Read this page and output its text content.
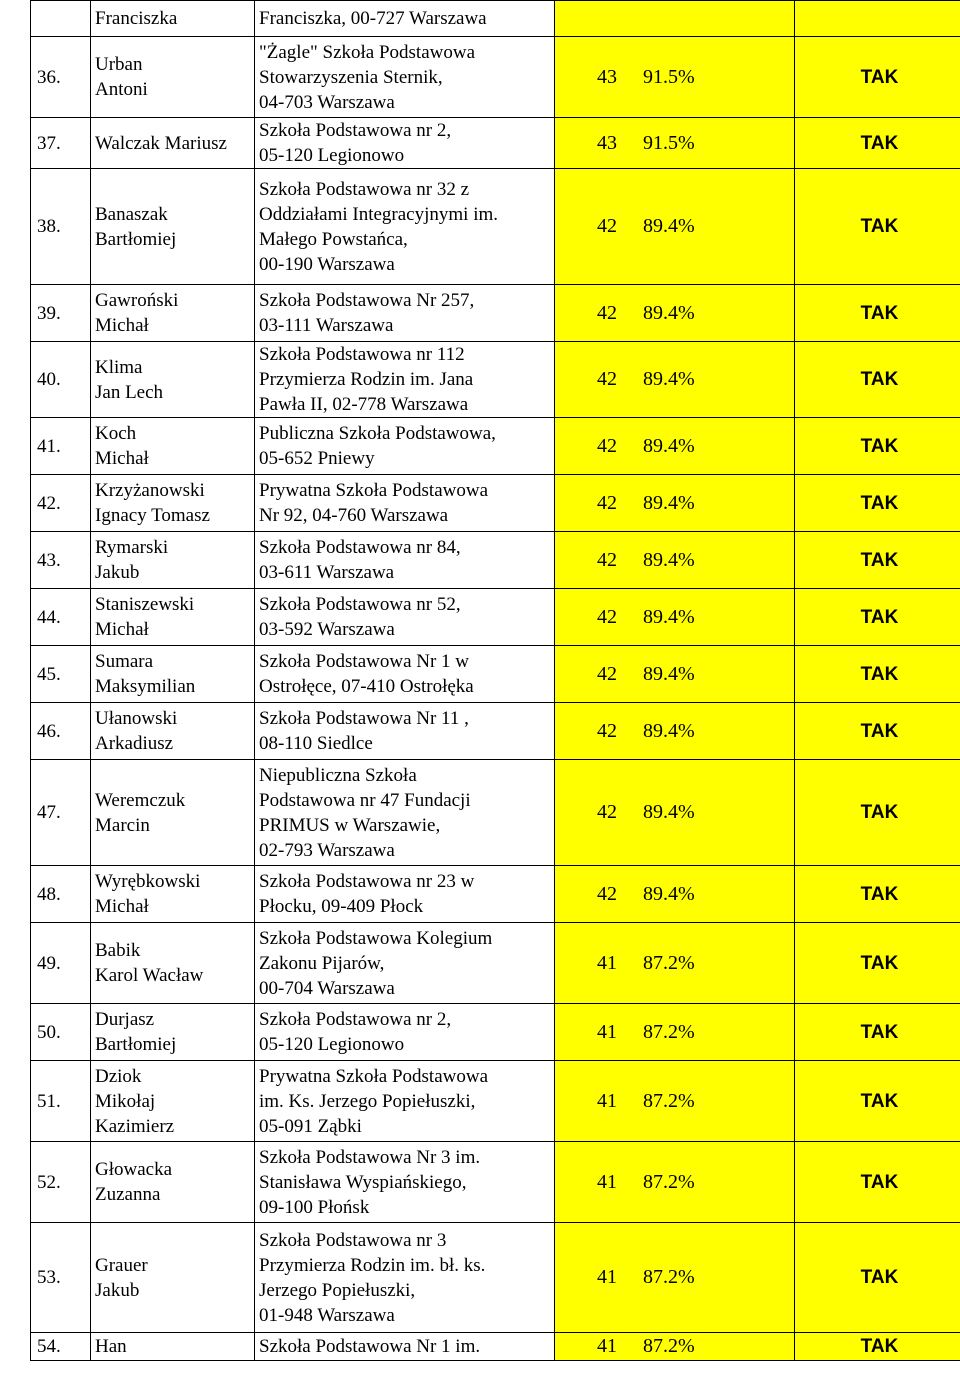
	Franciszka	Franciszka, 00-727 Warszawa		
36.	Urban
Antoni	"Żagle" Szkoła Podstawowa
Stowarzyszenia Sternik,
04-703 Warszawa	43 91.5%	TAK
37.	Walczak Mariusz	Szkoła Podstawowa nr 2,
05-120 Legionowo	43 91.5%	TAK
38.	Banaszak
Bartłomiej	Szkoła Podstawowa nr 32 z
Oddziałami Integracyjnymi im.
Małego Powstańca,
00-190 Warszawa	42 89.4%	TAK
39.	Gawroński
Michał	Szkoła Podstawowa Nr 257,
03-111 Warszawa	42 89.4%	TAK
40.	Klima
Jan Lech	Szkoła Podstawowa nr 112
Przymierza Rodzin im. Jana
Pawła II, 02-778 Warszawa	42 89.4%	TAK
41.	Koch
Michał	Publiczna Szkoła Podstawowa,
05-652 Pniewy	42 89.4%	TAK
42.	Krzyżanowski
Ignacy Tomasz	Prywatna Szkoła Podstawowa
Nr 92, 04-760 Warszawa	42 89.4%	TAK
43.	Rymarski
Jakub	Szkoła Podstawowa nr 84,
03-611 Warszawa	42 89.4%	TAK
44.	Staniszewski
Michał	Szkoła Podstawowa nr 52,
03-592 Warszawa	42 89.4%	TAK
45.	Sumara
Maksymilian	Szkoła Podstawowa Nr 1 w
Ostrołęce, 07-410 Ostrołęka	42 89.4%	TAK
46.	Ułanowski
Arkadiusz	Szkoła Podstawowa Nr 11 ,
08-110 Siedlce	42 89.4%	TAK
47.	Weremczuk
Marcin	Niepubliczna Szkoła
Podstawowa nr 47 Fundacji
PRIMUS w Warszawie,
02-793 Warszawa	42 89.4%	TAK
48.	Wyrębkowski
Michał	Szkoła Podstawowa nr 23 w
Płocku, 09-409 Płock	42 89.4%	TAK
49.	Babik
Karol Wacław	Szkoła Podstawowa Kolegium
Zakonu Pijarów,
00-704 Warszawa	41 87.2%	TAK
50.	Durjasz
Bartłomiej	Szkoła Podstawowa nr 2,
05-120 Legionowo	41 87.2%	TAK
51.	Dziok
Mikołaj
Kazimierz	Prywatna Szkoła Podstawowa
im. Ks. Jerzego Popiełuszki,
05-091 Ząbki	41 87.2%	TAK
52.	Głowacka
Zuzanna	Szkoła Podstawowa Nr 3 im.
Stanisława Wyspiańskiego,
09-100 Płońsk	41 87.2%	TAK
53.	Grauer
Jakub	Szkoła Podstawowa nr 3
Przymierza Rodzin im. bł. ks.
Jerzego Popiełuszki,
01-948 Warszawa	41 87.2%	TAK
54.	Han	Szkoła Podstawowa Nr 1 im.	41 87.2%	TAK
